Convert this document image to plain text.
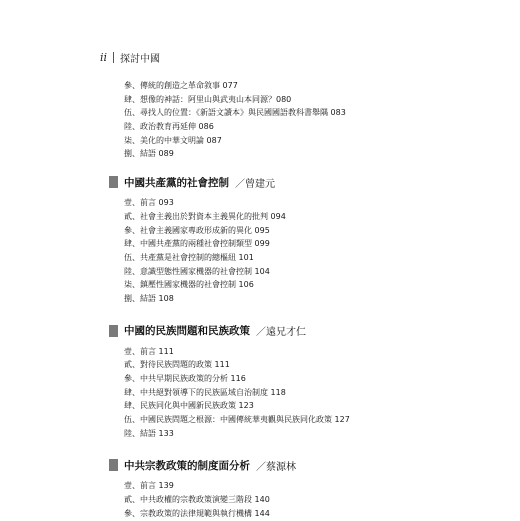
ii 探討中國
參、傳統的創造之革命敘事 077
肆、想像的神話：阿里山與武夷山本同源？080
伍、尋找人的位置：《新語文讀本》與民國國語教科書舉隅 083
陸、政治教育再延伸 086
柒、美化的中華文明論 087
捌、結語 089
中國共產黨的社會控制 ／曾建元
壹、前言 093
貳、社會主義出於對資本主義異化的批判 094
參、社會主義國家專政形成新的異化 095
肆、中國共產黨的兩種社會控制類型 099
伍、共產黨是社會控制的總樞紐 101
陸、意識型態性國家機器的社會控制 104
柒、鎮壓性國家機器的社會控制 106
捌、結語 108
中國的民族問題和民族政策 ／遠兄才仁
壹、前言 111
貳、對待民族問題的政策 111
參、中共早期民族政策的分析 116
肆、中共絕對領導下的民族區域自治制度 118
肆、民族同化與中國新民族政策 123
伍、中國民族問題之根源：中國傳統華夷觀與民族同化政策 127
陸、結語 133
中共宗教政策的制度面分析 ／蔡源林
壹、前言 139
貳、中共政權的宗教政策演變三階段 140
參、宗教政策的法律規範與執行機構 144
